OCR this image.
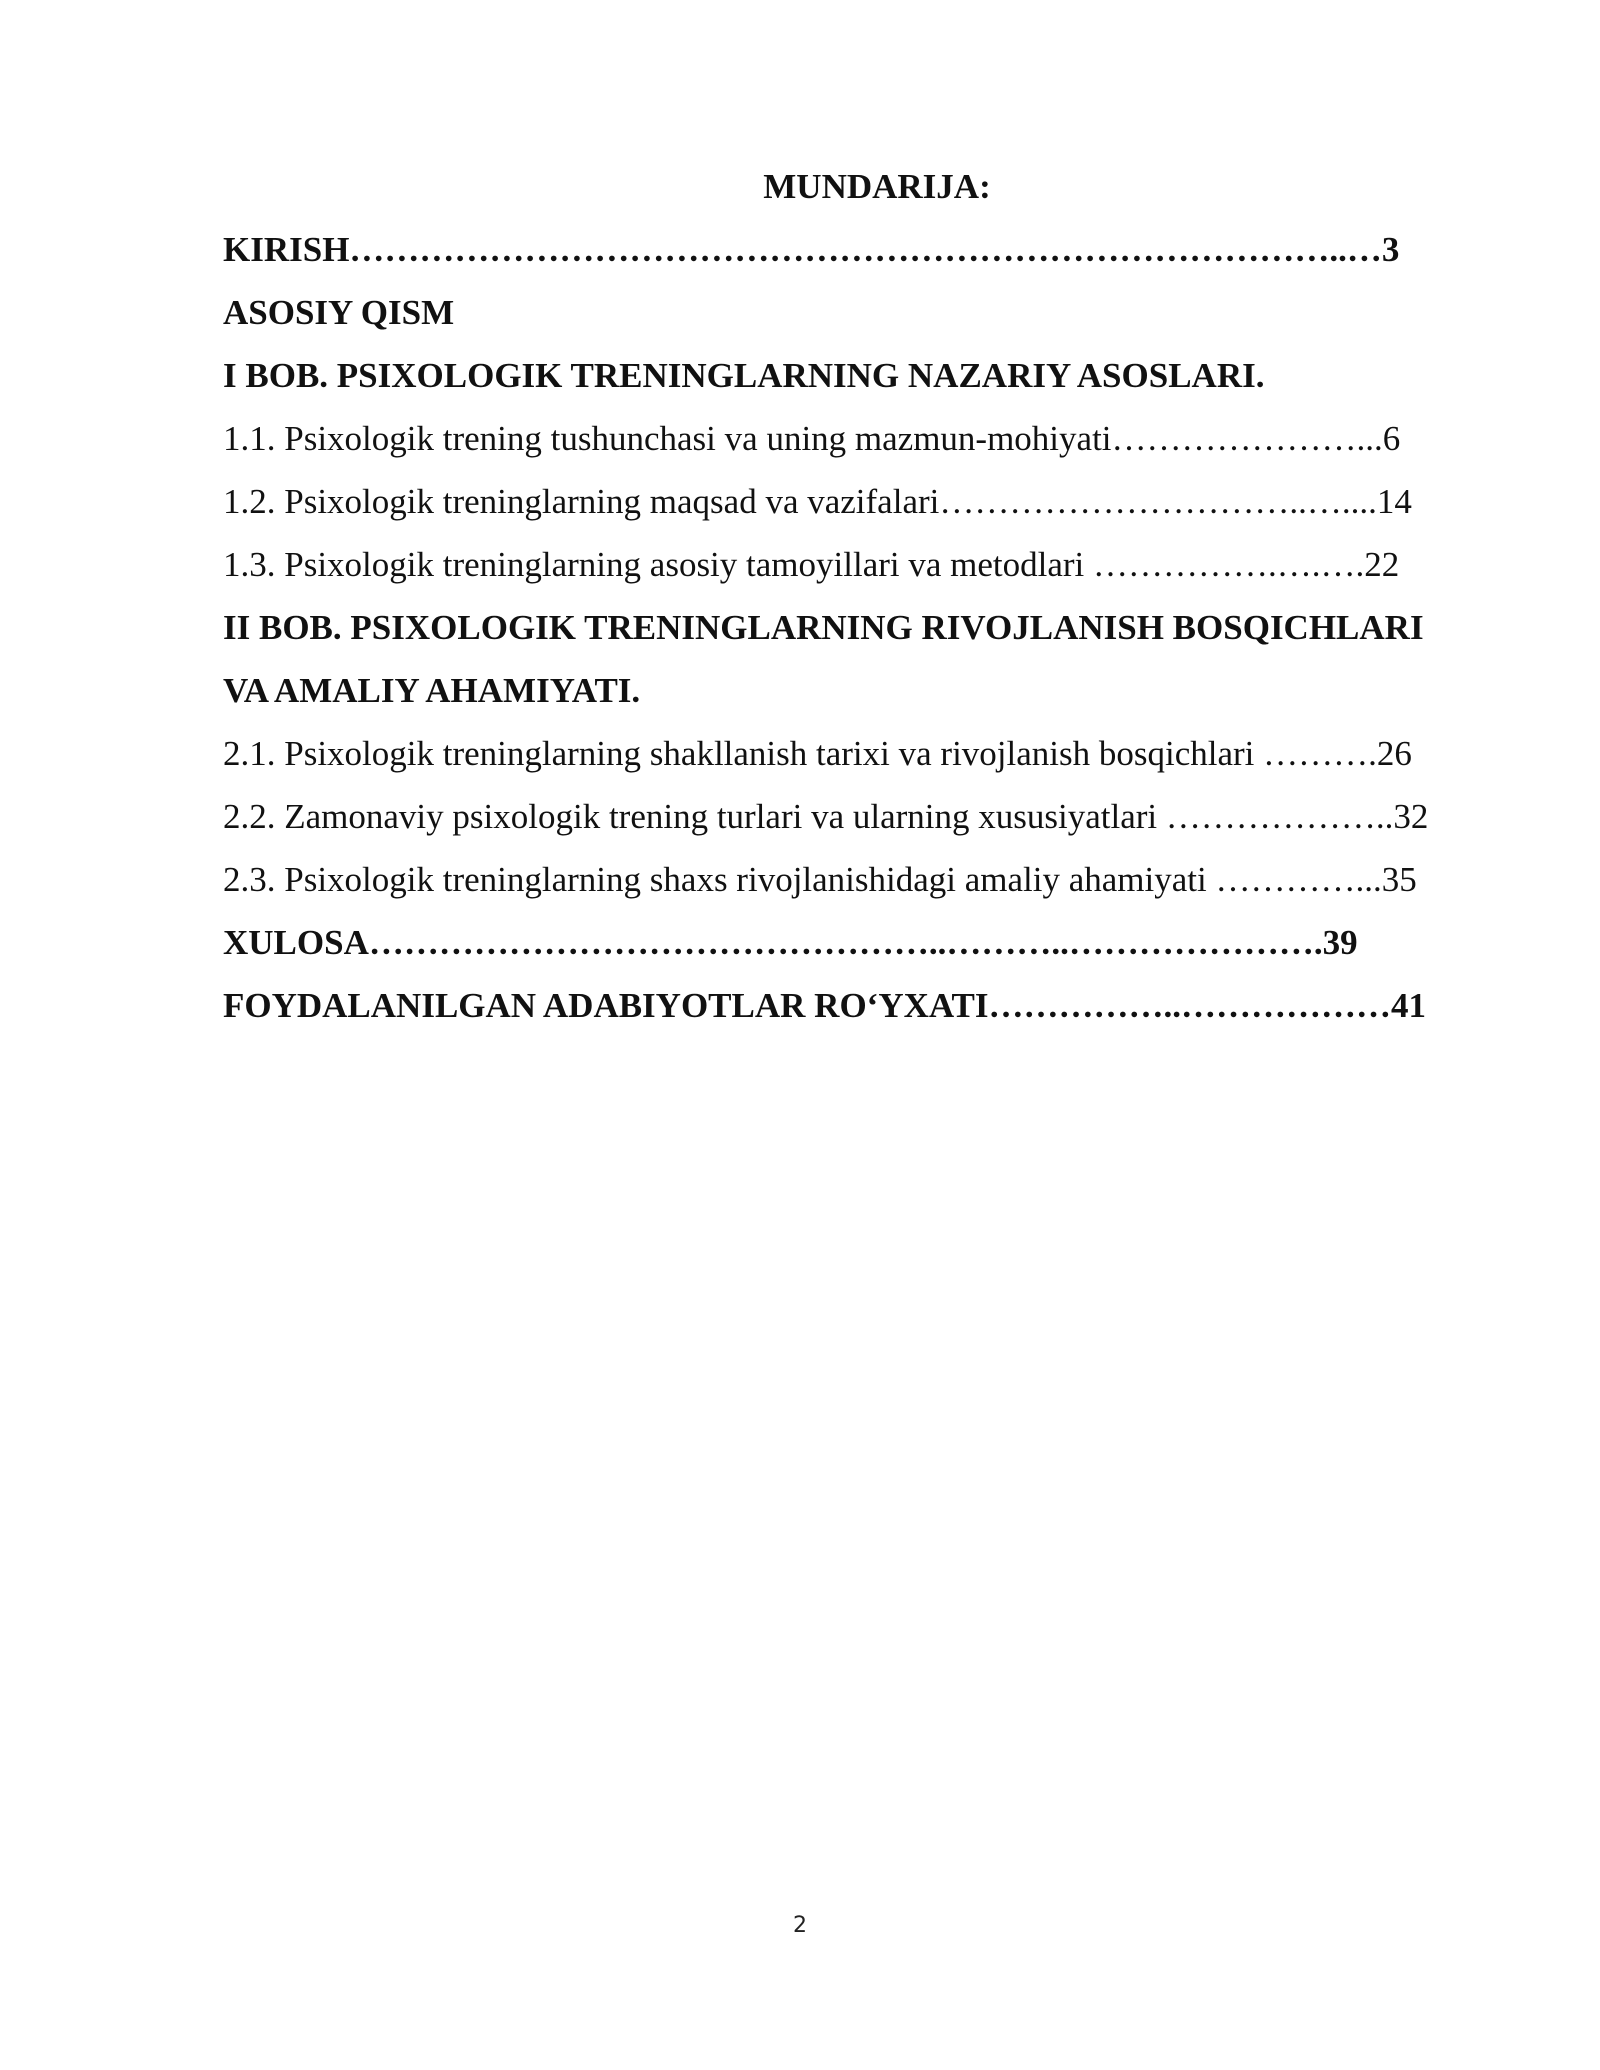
MUNDARIJA:
KIRISH…………………………………………………………………………..…3
ASOSIY QISM
I BOB. PSIXOLOGIK TRENINGLARNING NAZARIY ASOSLARI.
1.1. Psixologik trening tushunchasi va uning mazmun-mohiyati…………………...6
1.2. Psixologik treninglarning maqsad va vazifalari…………………………..…....14
1.3. Psixologik treninglarning asosiy tamoyillari va metodlari …………….….….22
II BOB. PSIXOLOGIK TRENINGLARNING RIVOJLANISH BOSQICHLARI
VA AMALIY AHAMIYATI.
2.1. Psixologik treninglarning shakllanish tarixi va rivojlanish bosqichlari ……….26
2.2. Zamonaviy psixologik trening turlari va ularning xususiyatlari ………………..32
2.3. Psixologik treninglarning shaxs rivojlanishidagi amaliy ahamiyati …………...35
XULOSA…………………………………………..………..………………….39
FOYDALANILGAN ADABIYOTLAR RO‘YXATI……………..………………41
2
